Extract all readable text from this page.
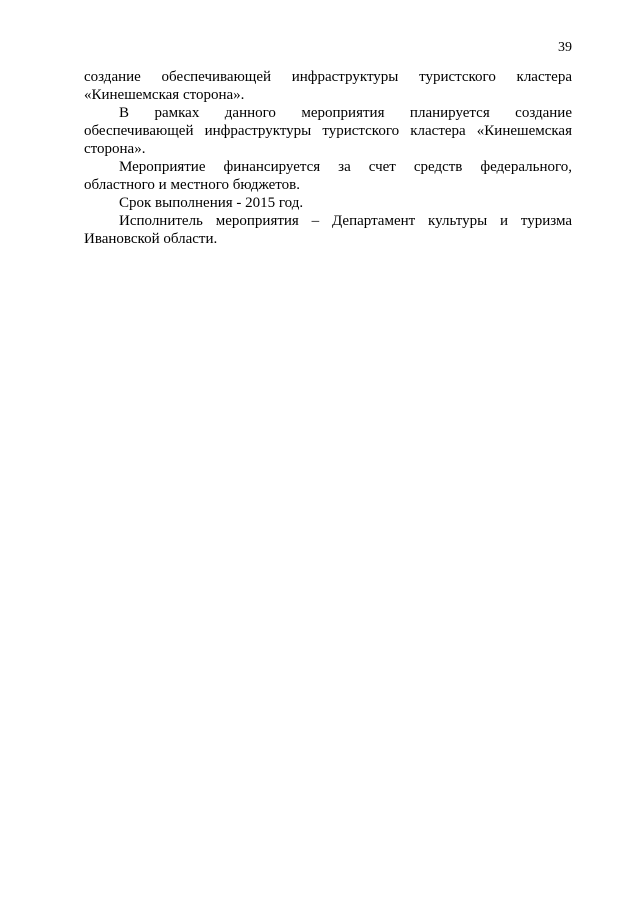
39

создание обеспечивающей инфраструктуры туристского кластера «Кинешемская сторона».

В рамках данного мероприятия планируется создание обеспечивающей инфраструктуры туристского кластера «Кинешемская сторона».

Мероприятие финансируется за счет средств федерального, областного и местного бюджетов.

Срок выполнения - 2015 год.

Исполнитель мероприятия – Департамент культуры и туризма Ивановской области.
